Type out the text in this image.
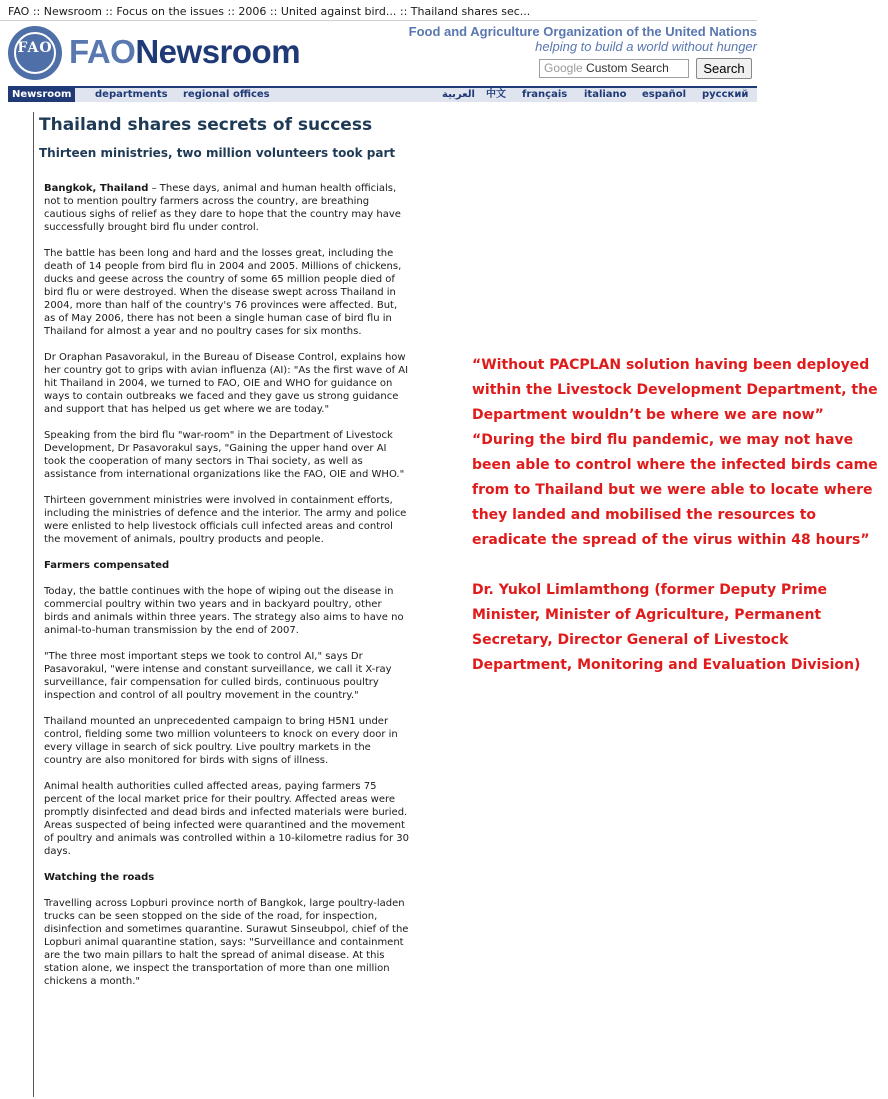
FAO :: Newsroom :: Focus on the issues :: 2006 :: United against bird... :: Thailand shares sec...
FAO FAONewsroom
Food and Agriculture Organization of the United Nations
helping to build a world without hunger
Google Custom Search	Search
Newsroom	departments regional offices	العربية 中文 français italiano español русский
Thailand shares secrets of success
Thirteen ministries, two million volunteers took part

Bangkok, Thailand – These days, animal and human health officials, not to mention poultry farmers across the country, are breathing cautious sighs of relief as they dare to hope that the country may have successfully brought bird flu under control.

The battle has been long and hard and the losses great, including the death of 14 people from bird flu in 2004 and 2005. Millions of chickens, ducks and geese across the country of some 65 million people died of bird flu or were destroyed. When the disease swept across Thailand in 2004, more than half of the country's 76 provinces were affected. But, as of May 2006, there has not been a single human case of bird flu in Thailand for almost a year and no poultry cases for six months.

Dr Oraphan Pasavorakul, in the Bureau of Disease Control, explains how her country got to grips with avian influenza (AI): "As the first wave of AI hit Thailand in 2004, we turned to FAO, OIE and WHO for guidance on ways to contain outbreaks we faced and they gave us strong guidance and support that has helped us get where we are today."

Speaking from the bird flu "war-room" in the Department of Livestock Development, Dr Pasavorakul says, "Gaining the upper hand over AI took the cooperation of many sectors in Thai society, as well as assistance from international organizations like the FAO, OIE and WHO."

Thirteen government ministries were involved in containment efforts, including the ministries of defence and the interior. The army and police were enlisted to help livestock officials cull infected areas and control the movement of animals, poultry products and people.

Farmers compensated

Today, the battle continues with the hope of wiping out the disease in commercial poultry within two years and in backyard poultry, other birds and animals within three years. The strategy also aims to have no animal-to-human transmission by the end of 2007.

"The three most important steps we took to control AI," says Dr Pasavorakul, "were intense and constant surveillance, we call it X-ray surveillance, fair compensation for culled birds, continuous poultry inspection and control of all poultry movement in the country."

Thailand mounted an unprecedented campaign to bring H5N1 under control, fielding some two million volunteers to knock on every door in every village in search of sick poultry. Live poultry markets in the country are also monitored for birds with signs of illness.

Animal health authorities culled affected areas, paying farmers 75 percent of the local market price for their poultry. Affected areas were promptly disinfected and dead birds and infected materials were buried. Areas suspected of being infected were quarantined and the movement of poultry and animals was controlled within a 10-kilometre radius for 30 days.

Watching the roads

Travelling across Lopburi province north of Bangkok, large poultry-laden trucks can be seen stopped on the side of the road, for inspection, disinfection and sometimes quarantine. Surawut Sinseubpol, chief of the Lopburi animal quarantine station, says: "Surveillance and containment are the two main pillars to halt the spread of animal disease. At this station alone, we inspect the transportation of more than one million chickens a month."

“Without PACPLAN solution having been deployed within the Livestock Development Department, the Department wouldn’t be where we are now”

“During the bird flu pandemic, we may not have been able to control where the infected birds came from to Thailand but we were able to locate where they landed and mobilised the resources to eradicate the spread of the virus within 48 hours”

Dr. Yukol Limlamthong (former Deputy Prime Minister, Minister of Agriculture, Permanent Secretary, Director General of Livestock Department, Monitoring and Evaluation Division)
